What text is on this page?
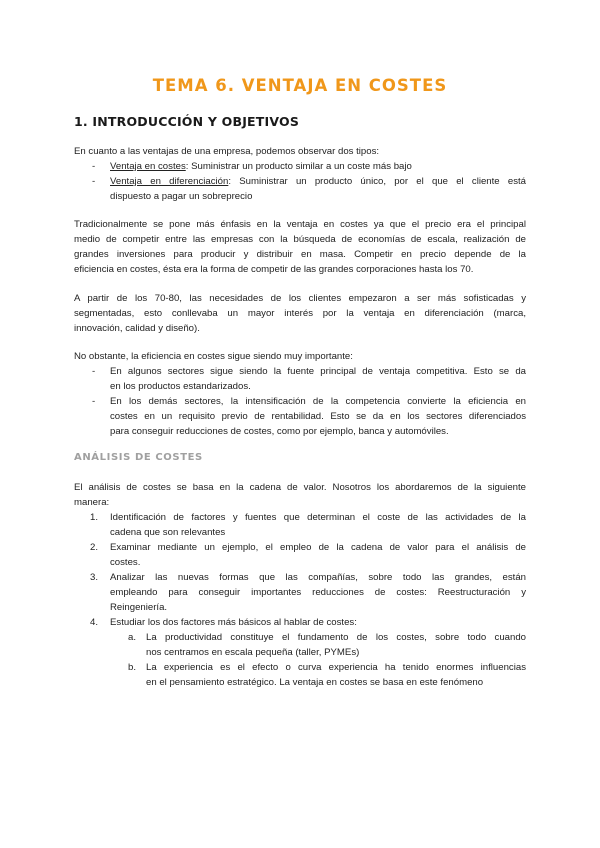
TEMA 6. VENTAJA EN COSTES
1. INTRODUCCIÓN Y OBJETIVOS
En cuanto a las ventajas de una empresa, podemos observar dos tipos:
- Ventaja en costes: Suministrar un producto similar a un coste más bajo
- Ventaja en diferenciación: Suministrar un producto único, por el que el cliente está
dispuesto a pagar un sobreprecio
Tradicionalmente se pone más énfasis en la ventaja en costes ya que el precio era el principal
medio de competir entre las empresas con la búsqueda de economías de escala, realización de
grandes inversiones para producir y distribuir en masa. Competir en precio depende de la
eficiencia en costes, ésta era la forma de competir de las grandes corporaciones hasta los 70.
A partir de los 70-80, las necesidades de los clientes empezaron a ser más sofisticadas y
segmentadas, esto conllevaba un mayor interés por la ventaja en diferenciación (marca,
innovación, calidad y diseño).
No obstante, la eficiencia en costes sigue siendo muy importante:
- En algunos sectores sigue siendo la fuente principal de ventaja competitiva. Esto se da
en los productos estandarizados.
- En los demás sectores, la intensificación de la competencia convierte la eficiencia en
costes en un requisito previo de rentabilidad. Esto se da en los sectores diferenciados
para conseguir reducciones de costes, como por ejemplo, banca y automóviles.
ANÁLISIS DE COSTES
El análisis de costes se basa en la cadena de valor. Nosotros los abordaremos de la siguiente
manera:
1. Identificación de factores y fuentes que determinan el coste de las actividades de la
cadena que son relevantes
2. Examinar mediante un ejemplo, el empleo de la cadena de valor para el análisis de
costes.
3. Analizar las nuevas formas que las compañías, sobre todo las grandes, están
empleando para conseguir importantes reducciones de costes: Reestructuración y
Reingeniería.
4. Estudiar los dos factores más básicos al hablar de costes:
a. La productividad constituye el fundamento de los costes, sobre todo cuando
nos centramos en escala pequeña (taller, PYMEs)
b. La experiencia es el efecto o curva experiencia ha tenido enormes influencias
en el pensamiento estratégico. La ventaja en costes se basa en este fenómeno
